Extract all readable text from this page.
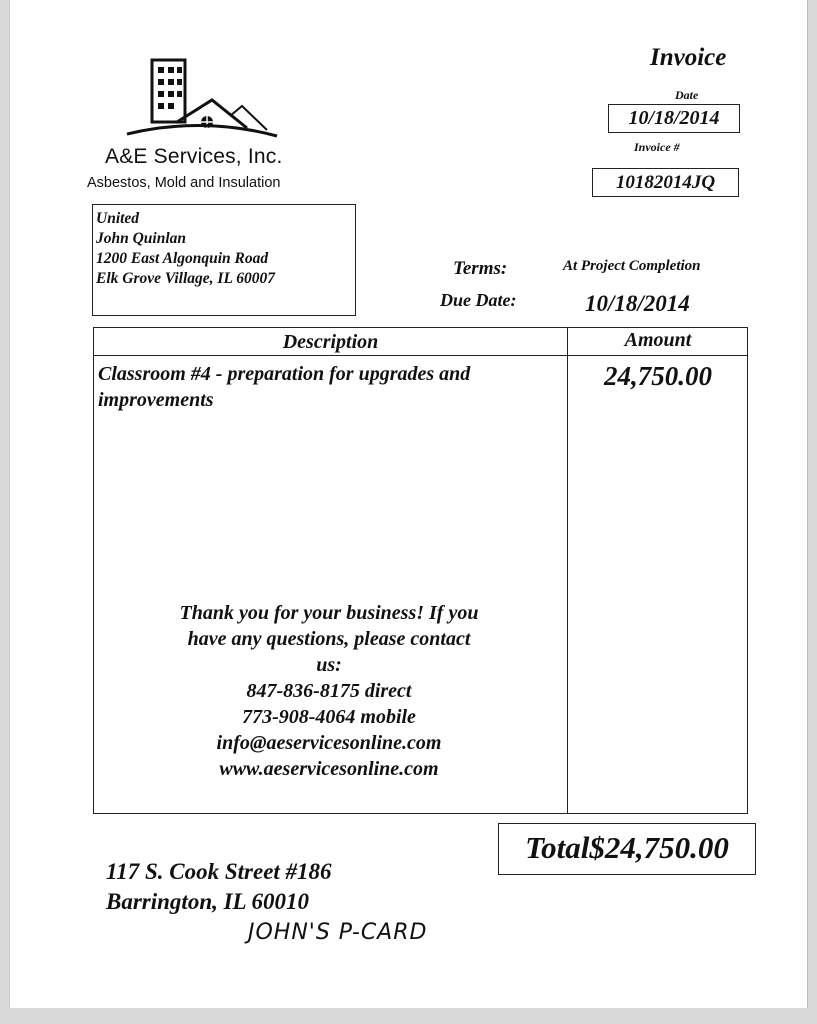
A&E Services, Inc.
Asbestos, Mold and Insulation
Invoice
Date
10/18/2014
Invoice #
10182014JQ
United
John Quinlan
1200 East Algonquin Road
Elk Grove Village, IL 60007	Terms:	At Project Completion
Due Date:	10/18/2014
Description	Amount
Classroom #4 - preparation for upgrades and improvements
24,750.00
Thank you for your business! If you
have any questions, please contact
us:
847-836-8175 direct
773-908-4064 mobile
info@aeservicesonline.com
www.aeservicesonline.com
Total$24,750.00
117 S. Cook Street #186
Barrington, IL 60010
JOHN'S P-CARD
